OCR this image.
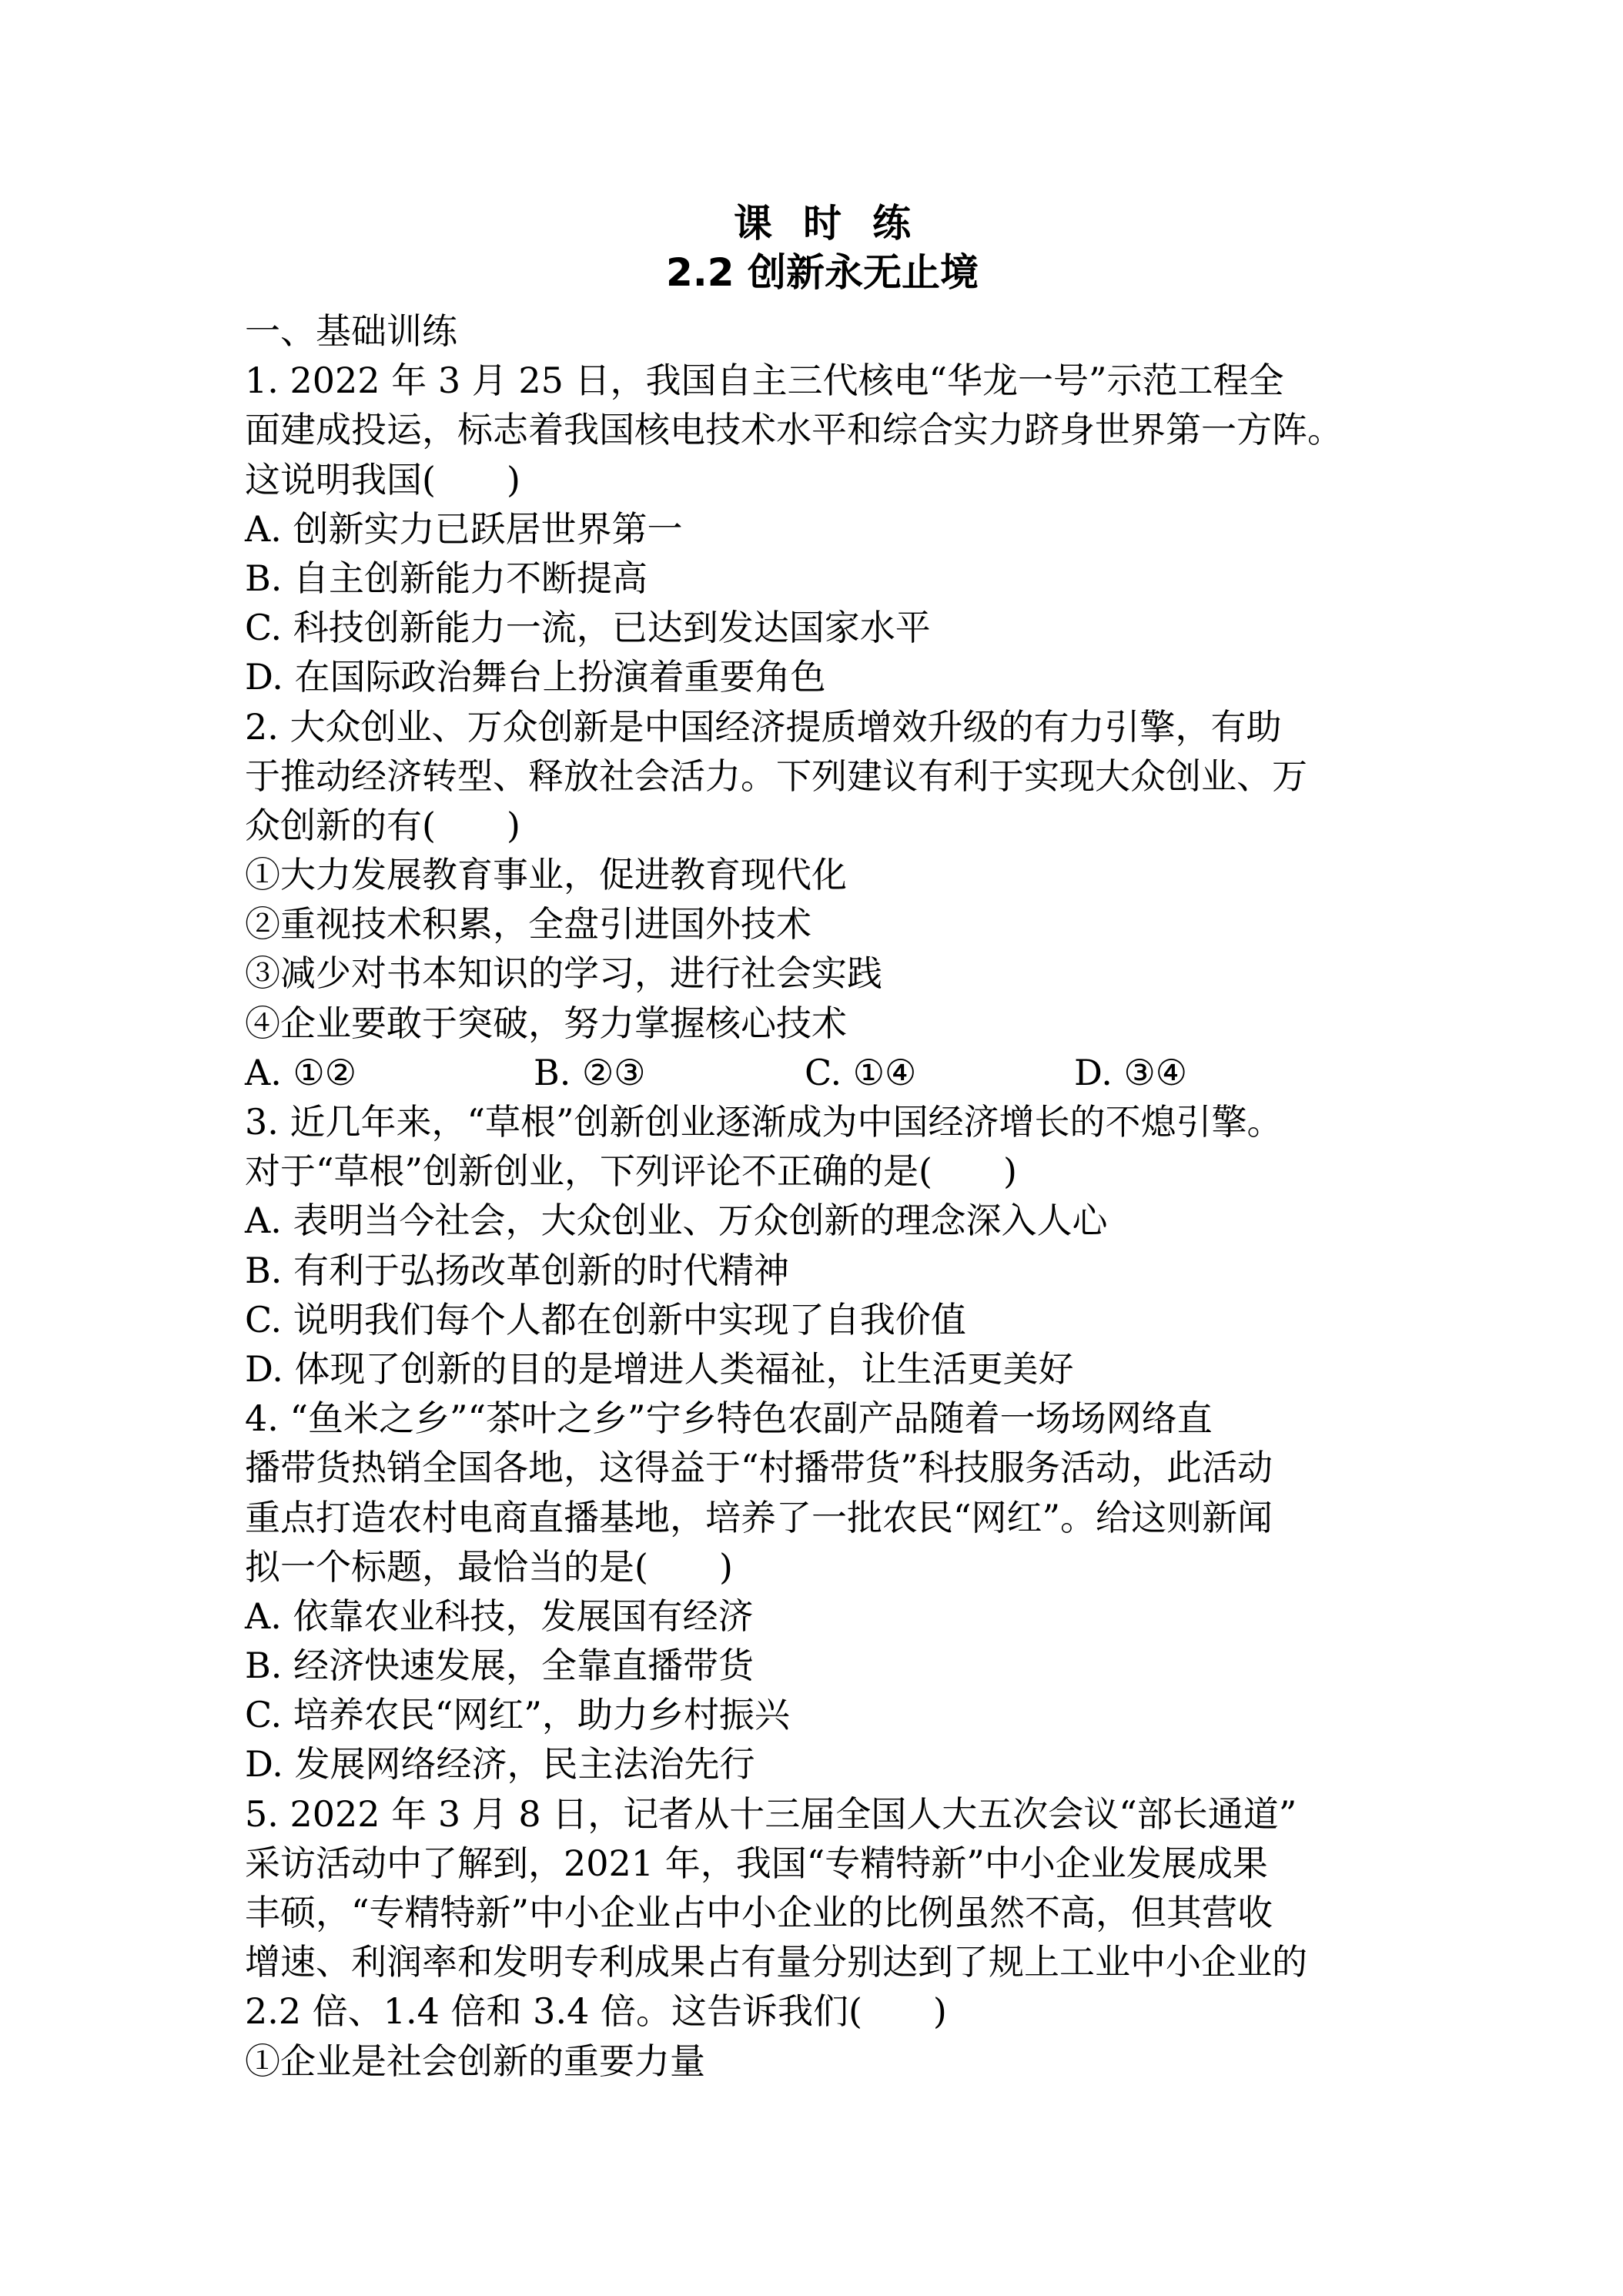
课 时 练
2.2 创新永无止境
一、基础训练
1. 2022 年 3 月 25 日，我国自主三代核电“华龙一号”示范工程全
面建成投运，标志着我国核电技术水平和综合实力跻身世界第一方阵。
这说明我国(　　)
A. 创新实力已跃居世界第一
B. 自主创新能力不断提高
C. 科技创新能力一流，已达到发达国家水平
D. 在国际政治舞台上扮演着重要角色
2. 大众创业、万众创新是中国经济提质增效升级的有力引擎，有助
于推动经济转型、释放社会活力。下列建议有利于实现大众创业、万
众创新的有(　　)
①大力发展教育事业，促进教育现代化
②重视技术积累，全盘引进国外技术
③减少对书本知识的学习，进行社会实践
④企业要敢于突破，努力掌握核心技术
A. ①②	B. ②③	C. ①④	D. ③④
3. 近几年来，“草根”创新创业逐渐成为中国经济增长的不熄引擎。
对于“草根”创新创业，下列评论不正确的是(　　)
A. 表明当今社会，大众创业、万众创新的理念深入人心
B. 有利于弘扬改革创新的时代精神
C. 说明我们每个人都在创新中实现了自我价值
D. 体现了创新的目的是增进人类福祉，让生活更美好
4. “鱼米之乡”“茶叶之乡”宁乡特色农副产品随着一场场网络直
播带货热销全国各地，这得益于“村播带货”科技服务活动，此活动
重点打造农村电商直播基地，培养了一批农民“网红”。给这则新闻
拟一个标题，最恰当的是(　　)
A. 依靠农业科技，发展国有经济
B. 经济快速发展，全靠直播带货
C. 培养农民“网红”，助力乡村振兴
D. 发展网络经济，民主法治先行
5. 2022 年 3 月 8 日，记者从十三届全国人大五次会议“部长通道”
采访活动中了解到，2021 年，我国“专精特新”中小企业发展成果
丰硕，“专精特新”中小企业占中小企业的比例虽然不高，但其营收
增速、利润率和发明专利成果占有量分别达到了规上工业中小企业的
2.2 倍、1.4 倍和 3.4 倍。这告诉我们(　　)
①企业是社会创新的重要力量
